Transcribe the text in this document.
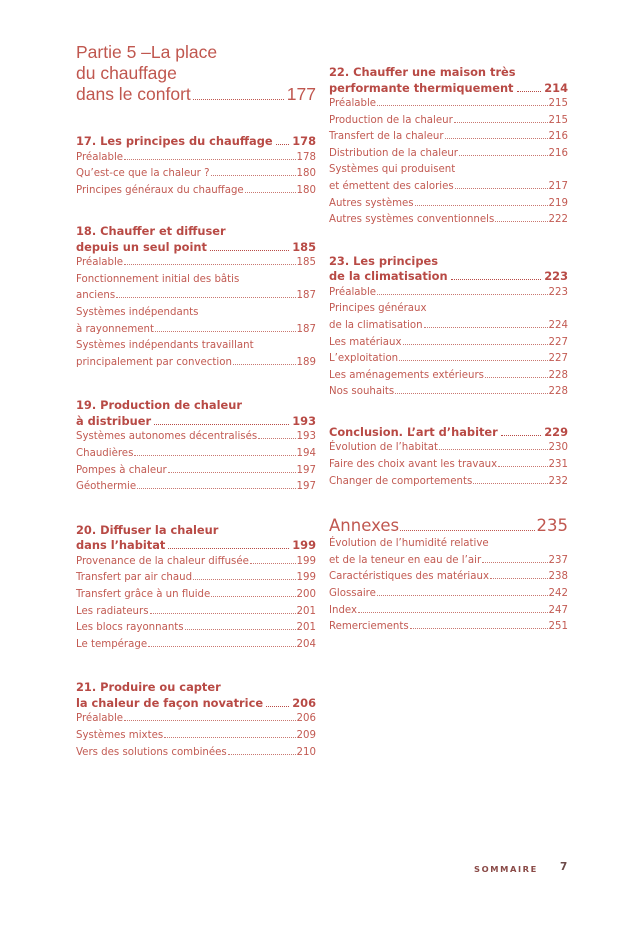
Partie 5 –La place
du chauffage
dans le confort	177
17. Les principes du chauffage 178
Préalable	178
Qu’est-ce que la chaleur ?	180
Principes généraux du chauffage	180
18. Chauffer et diffuser
depuis un seul point	185
Préalable	185
Fonctionnement initial des bâtis
anciens	187
Systèmes indépendants
à rayonnement	187
Systèmes indépendants travaillant
principalement par convection	189
19. Production de chaleur
à distribuer	193
Systèmes autonomes décentralisés	193
Chaudières	194
Pompes à chaleur	197
Géothermie	197
20. Diffuser la chaleur
dans l’habitat	199
Provenance de la chaleur diffusée	199
Transfert par air chaud	199
Transfert grâce à un fluide	200
Les radiateurs	201
Les blocs rayonnants	201
Le tempérage	204
21. Produire ou capter
la chaleur de façon novatrice	206
Préalable	206
Systèmes mixtes	209
Vers des solutions combinées	210
22. Chauffer une maison très
performante thermiquement	214
Préalable	215
Production de la chaleur	215
Transfert de la chaleur	216
Distribution de la chaleur	216
Systèmes qui produisent
et émettent des calories	217
Autres systèmes	219
Autres systèmes conventionnels	222
23. Les principes
de la climatisation	223
Préalable	223
Principes généraux
de la climatisation	224
Les matériaux	227
L’exploitation	227
Les aménagements extérieurs	228
Nos souhaits	228
Conclusion. L’art d’habiter	229
Évolution de l’habitat	230
Faire des choix avant les travaux	231
Changer de comportements	232
Annexes	235
Évolution de l’humidité relative
et de la teneur en eau de l’air	237
Caractéristiques des matériaux	238
Glossaire	242
Index	247
Remerciements	251
SOMMAIRE 7
